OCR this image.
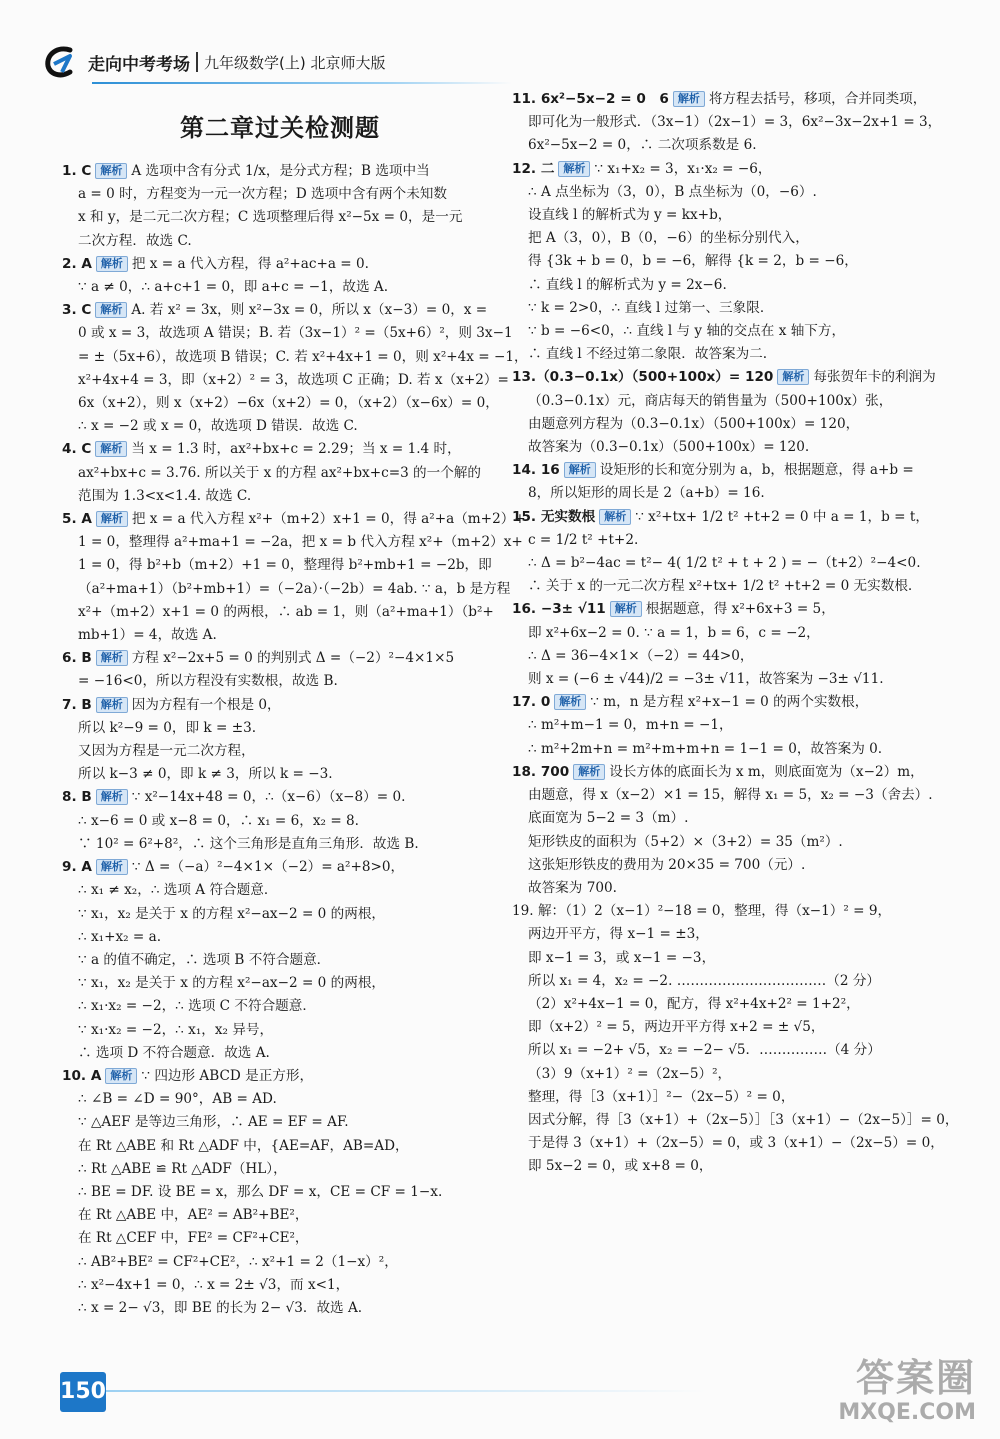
走向中考考场 九年级数学(上) 北京师大版
第二章过关检测题
1. C 解析 A 选项中含有分式 1/x，是分式方程；B 选项中当
a = 0 时，方程变为一元一次方程；D 选项中含有两个未知数
x 和 y，是二元二次方程；C 选项整理后得 x²−5x = 0，是一元
二次方程．故选 C.
2. A 解析 把 x = a 代入方程，得 a²+ac+a = 0.
∵ a ≠ 0，∴ a+c+1 = 0，即 a+c = −1，故选 A.
3. C 解析 A. 若 x² = 3x，则 x²−3x = 0，所以 x（x−3）= 0，x =
0 或 x = 3，故选项 A 错误；B. 若（3x−1）² =（5x+6）²，则 3x−1
= ±（5x+6），故选项 B 错误；C. 若 x²+4x+1 = 0，则 x²+4x = −1，
x²+4x+4 = 3，即（x+2）² = 3，故选项 C 正确；D. 若 x（x+2）=
6x（x+2），则 x（x+2）−6x（x+2）= 0，（x+2）（x−6x）= 0，
∴ x = −2 或 x = 0，故选项 D 错误．故选 C.
4. C 解析 当 x = 1.3 时，ax²+bx+c = 2.29；当 x = 1.4 时，
ax²+bx+c = 3.76. 所以关于 x 的方程 ax²+bx+c=3 的一个解的
范围为 1.3<x<1.4. 故选 C.
5. A 解析 把 x = a 代入方程 x²+（m+2）x+1 = 0，得 a²+a（m+2）+
1 = 0，整理得 a²+ma+1 = −2a，把 x = b 代入方程 x²+（m+2）x+
1 = 0，得 b²+b（m+2）+1 = 0，整理得 b²+mb+1 = −2b，即
（a²+ma+1）（b²+mb+1）=（−2a）·（−2b）= 4ab. ∵ a，b 是方程
x²+（m+2）x+1 = 0 的两根，∴ ab = 1，则（a²+ma+1）（b²+
mb+1）= 4，故选 A.
6. B 解析 方程 x²−2x+5 = 0 的判别式 Δ =（−2）²−4×1×5
= −16<0，所以方程没有实数根，故选 B.
7. B 解析 因为方程有一个根是 0，
所以 k²−9 = 0，即 k = ±3.
又因为方程是一元二次方程，
所以 k−3 ≠ 0，即 k ≠ 3，所以 k = −3.
8. B 解析 ∵ x²−14x+48 = 0，∴（x−6）（x−8）= 0.
∴ x−6 = 0 或 x−8 = 0，∴ x₁ = 6，x₂ = 8.
∵ 10² = 6²+8²，∴ 这个三角形是直角三角形．故选 B.
9. A 解析 ∵ Δ =（−a）²−4×1×（−2）= a²+8>0，
∴ x₁ ≠ x₂，∴ 选项 A 符合题意．
∵ x₁，x₂ 是关于 x 的方程 x²−ax−2 = 0 的两根，
∴ x₁+x₂ = a.
∵ a 的值不确定，∴ 选项 B 不符合题意．
∵ x₁，x₂ 是关于 x 的方程 x²−ax−2 = 0 的两根，
∴ x₁·x₂ = −2，∴ 选项 C 不符合题意．
∵ x₁·x₂ = −2，∴ x₁，x₂ 异号，
∴ 选项 D 不符合题意．故选 A.
10. A 解析 ∵ 四边形 ABCD 是正方形，
∴ ∠B = ∠D = 90°，AB = AD.
∵ △AEF 是等边三角形，∴ AE = EF = AF.
在 Rt △ABE 和 Rt △ADF 中，{AE=AF，AB=AD，
∴ Rt △ABE ≌ Rt △ADF（HL），
∴ BE = DF. 设 BE = x，那么 DF = x，CE = CF = 1−x.
在 Rt △ABE 中，AE² = AB²+BE²，
在 Rt △CEF 中，FE² = CF²+CE²，
∴ AB²+BE² = CF²+CE²，∴ x²+1 = 2（1−x）²，
∴ x²−4x+1 = 0，∴ x = 2± √3，而 x<1，
∴ x = 2− √3，即 BE 的长为 2− √3．故选 A.
11. 6x²−5x−2 = 0　6 解析 将方程去括号，移项，合并同类项，
即可化为一般形式．（3x−1）（2x−1）= 3，6x²−3x−2x+1 = 3，
6x²−5x−2 = 0，∴ 二次项系数是 6.
12. 二 解析 ∵ x₁+x₂ = 3，x₁·x₂ = −6，
∴ A 点坐标为（3，0），B 点坐标为（0，−6）.
设直线 l 的解析式为 y = kx+b，
把 A（3，0），B（0，−6）的坐标分别代入，
得 {3k + b = 0，b = −6，解得 {k = 2，b = −6，
∴ 直线 l 的解析式为 y = 2x−6.
∵ k = 2>0，∴ 直线 l 过第一、三象限．
∵ b = −6<0，∴ 直线 l 与 y 轴的交点在 x 轴下方，
∴ 直线 l 不经过第二象限．故答案为二.
13.（0.3−0.1x）（500+100x）= 120 解析 每张贺年卡的利润为
（0.3−0.1x）元，商店每天的销售量为（500+100x）张，
由题意列方程为（0.3−0.1x）（500+100x）= 120，
故答案为（0.3−0.1x）（500+100x）= 120.
14. 16 解析 设矩形的长和宽分别为 a，b，根据题意，得 a+b =
8，所以矩形的周长是 2（a+b）= 16.
15. 无实数根 解析 ∵ x²+tx+ 1/2 t² +t+2 = 0 中 a = 1，b = t，
c = 1/2 t² +t+2.
∴ Δ = b²−4ac = t²− 4( 1/2 t² + t + 2 ) = −（t+2）²−4<0.
∴ 关于 x 的一元二次方程 x²+tx+ 1/2 t² +t+2 = 0 无实数根.
16. −3± √11 解析 根据题意，得 x²+6x+3 = 5，
即 x²+6x−2 = 0. ∵ a = 1，b = 6，c = −2，
∴ Δ = 36−4×1×（−2）= 44>0，
则 x = (−6 ± √44)/2 = −3± √11，故答案为 −3± √11.
17. 0 解析 ∵ m，n 是方程 x²+x−1 = 0 的两个实数根，
∴ m²+m−1 = 0，m+n = −1，
∴ m²+2m+n = m²+m+m+n = 1−1 = 0，故答案为 0.
18. 700 解析 设长方体的底面长为 x m，则底面宽为（x−2）m，
由题意，得 x（x−2）×1 = 15，解得 x₁ = 5，x₂ = −3（舍去）.
底面宽为 5−2 = 3（m）.
矩形铁皮的面积为（5+2）×（3+2）= 35（m²）.
这张矩形铁皮的费用为 20×35 = 700（元）.
故答案为 700.
19. 解：（1）2（x−1）²−18 = 0，整理，得（x−1）² = 9，
两边开平方，得 x−1 = ±3，
即 x−1 = 3，或 x−1 = −3，
所以 x₁ = 4，x₂ = −2. ……………………………（2 分）
（2）x²+4x−1 = 0，配方，得 x²+4x+2² = 1+2²，
即（x+2）² = 5，两边开平方得 x+2 = ± √5，
所以 x₁ = −2+ √5，x₂ = −2− √5．……………（4 分）
（3）9（x+1）² =（2x−5）²，
整理，得［3（x+1）］²−（2x−5）² = 0，
因式分解，得［3（x+1）+（2x−5）］［3（x+1）−（2x−5）］= 0，
于是得 3（x+1）+（2x−5）= 0，或 3（x+1）−（2x−5）= 0，
即 5x−2 = 0，或 x+8 = 0，
150	答案圈
MXQE.COM
